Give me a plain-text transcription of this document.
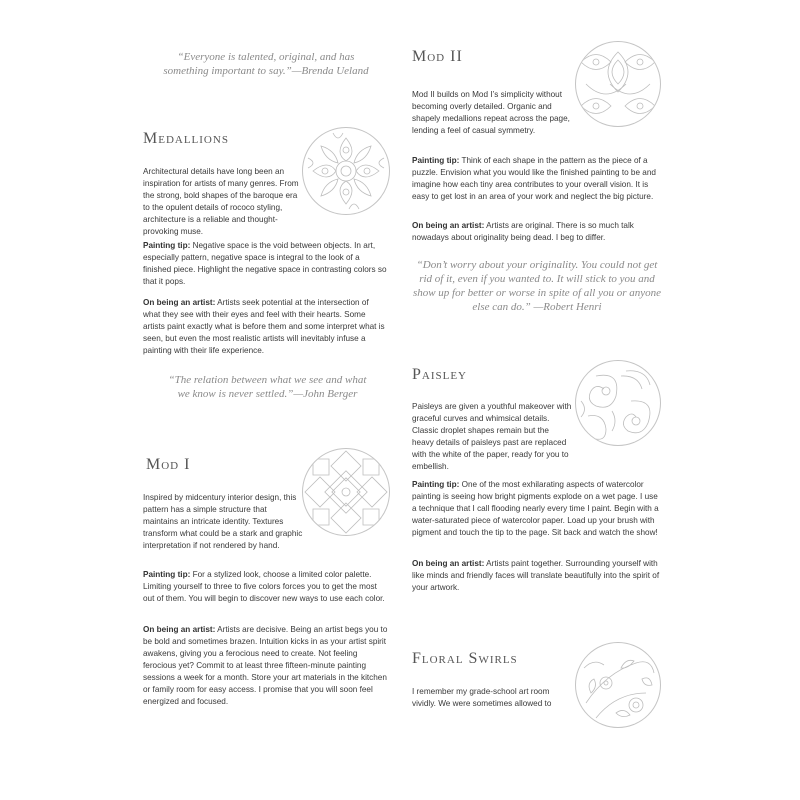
“Everyone is talented, original, and has something important to say.”—Brenda Ueland
Medallions
Architectural details have long been an inspiration for artists of many genres. From the strong, bold shapes of the baroque era to the opulent details of rococo styling, architecture is a reliable and thought-provoking muse.
Painting tip: Negative space is the void between objects. In art, especially pattern, negative space is integral to the look of a finished piece. Highlight the negative space in contrasting colors so that it pops.
On being an artist: Artists seek potential at the intersection of what they see with their eyes and feel with their hearts. Some artists paint exactly what is before them and some interpret what is seen, but even the most realistic artists will inevitably infuse a painting with their life experience.
“The relation between what we see and what we know is never settled.”—John Berger
Mod I
Inspired by midcentury interior design, this pattern has a simple structure that maintains an intricate identity. Textures transform what could be a stark and graphic interpretation if not rendered by hand.
Painting tip: For a stylized look, choose a limited color palette. Limiting yourself to three to five colors forces you to get the most out of them. You will begin to discover new ways to use each color.
On being an artist: Artists are decisive. Being an artist begs you to be bold and sometimes brazen. Intuition kicks in as your artist spirit awakens, giving you a ferocious need to create. Not feeling ferocious yet? Commit to at least three fifteen-minute painting sessions a week for a month. Store your art materials in the kitchen or family room for easy access. I promise that you will soon feel energized and focused.
Mod II
Mod II builds on Mod I’s simplicity without becoming overly detailed. Organic and shapely medallions repeat across the page, lending a feel of casual symmetry.
Painting tip: Think of each shape in the pattern as the piece of a puzzle. Envision what you would like the finished painting to be and imagine how each tiny area contributes to your overall vision. It is easy to get lost in an area of your work and neglect the big picture.
On being an artist: Artists are original. There is so much talk nowadays about originality being dead. I beg to differ.
“Don’t worry about your originality. You could not get rid of it, even if you wanted to. It will stick to you and show up for better or worse in spite of all you or anyone else can do.” —Robert Henri
Paisley
Paisleys are given a youthful makeover with graceful curves and whimsical details. Classic droplet shapes remain but the heavy details of paisleys past are replaced with the white of the paper, ready for you to embellish.
Painting tip: One of the most exhilarating aspects of watercolor painting is seeing how bright pigments explode on a wet page. I use a technique that I call flooding nearly every time I paint. Begin with a water-saturated piece of watercolor paper. Load up your brush with pigment and touch the tip to the page. Sit back and watch the show!
On being an artist: Artists paint together. Surrounding yourself with like minds and friendly faces will translate beautifully into the spirit of your artwork.
Floral Swirls
I remember my grade-school art room vividly. We were sometimes allowed to
